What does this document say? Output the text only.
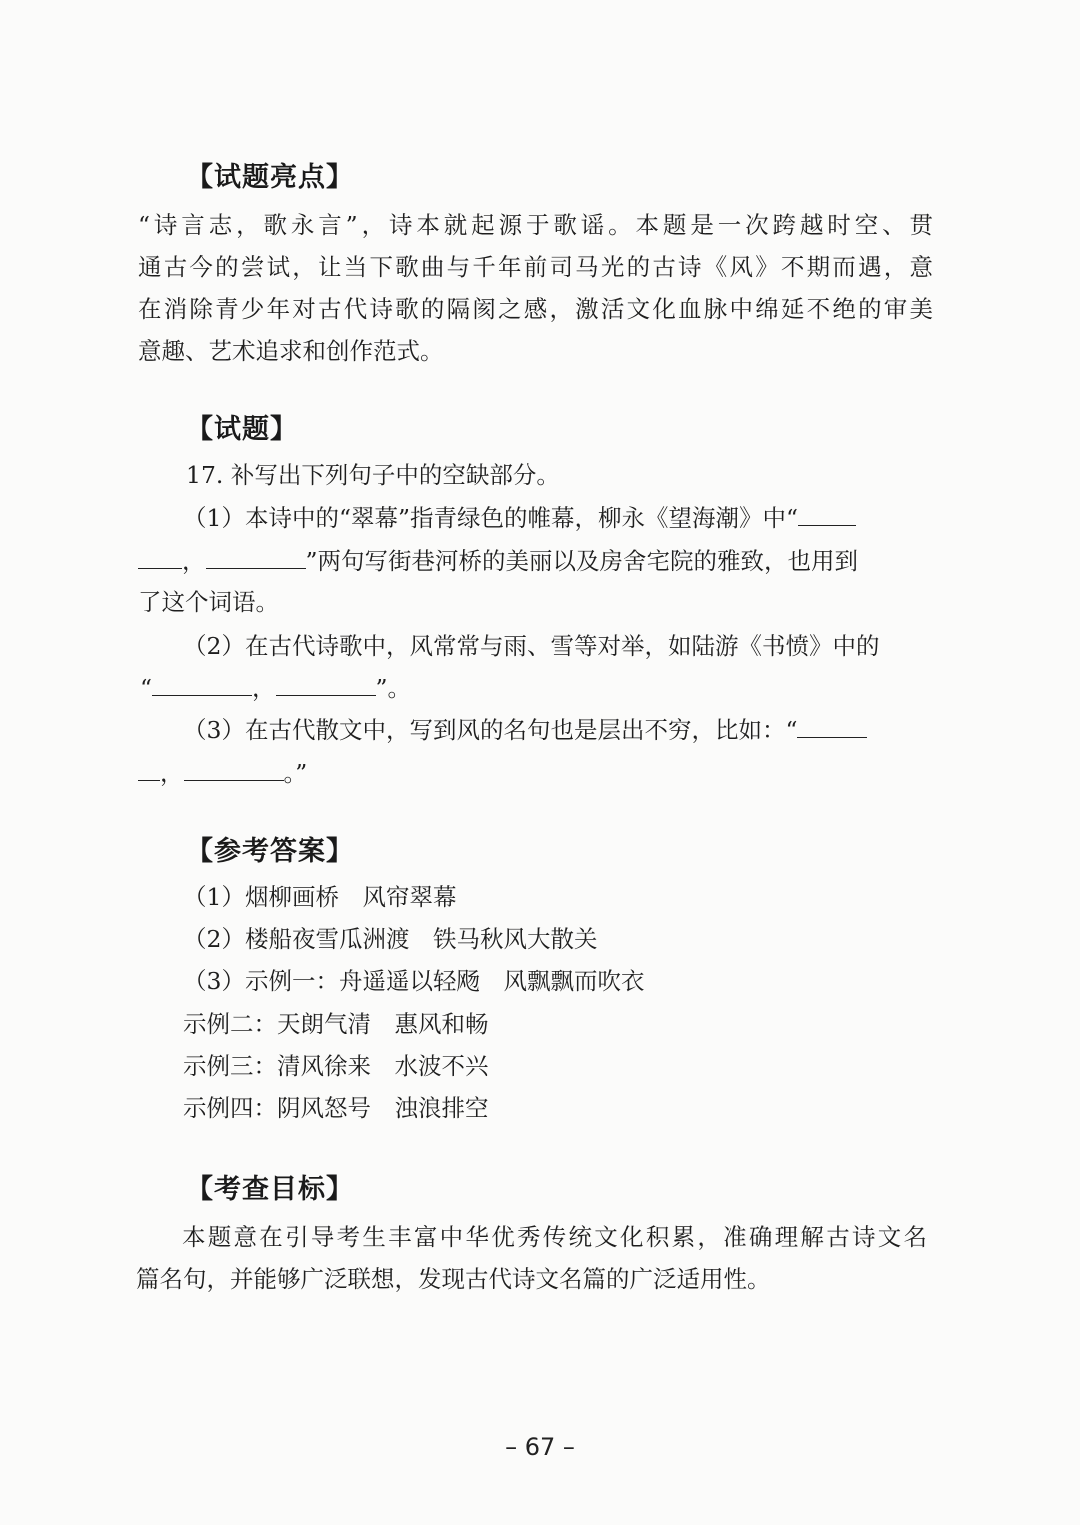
【试题亮点】
“诗言志，歌永言”，诗本就起源于歌谣。本题是一次跨越时空、贯
通古今的尝试，让当下歌曲与千年前司马光的古诗《风》不期而遇，意
在消除青少年对古代诗歌的隔阂之感，激活文化血脉中绵延不绝的审美
意趣、艺术追求和创作范式。
【试题】
17. 补写出下列句子中的空缺部分。
（1）本诗中的“翠幕”指青绿色的帷幕，柳永《望海潮》中“
，	”两句写街巷河桥的美丽以及房舍宅院的雅致，也用到
了这个词语。
（2）在古代诗歌中，风常常与雨、雪等对举，如陆游《书愤》中的
“	，	”。
（3）在古代散文中，写到风的名句也是层出不穷，比如：“
，	。”
【参考答案】
（1）烟柳画桥　风帘翠幕
（2）楼船夜雪瓜洲渡　铁马秋风大散关
（3）示例一：舟遥遥以轻飏　风飘飘而吹衣
示例二：天朗气清　惠风和畅
示例三：清风徐来　水波不兴
示例四：阴风怒号　浊浪排空
【考查目标】
本题意在引导考生丰富中华优秀传统文化积累，准确理解古诗文名
篇名句，并能够广泛联想，发现古代诗文名篇的广泛适用性。
– 67 –
